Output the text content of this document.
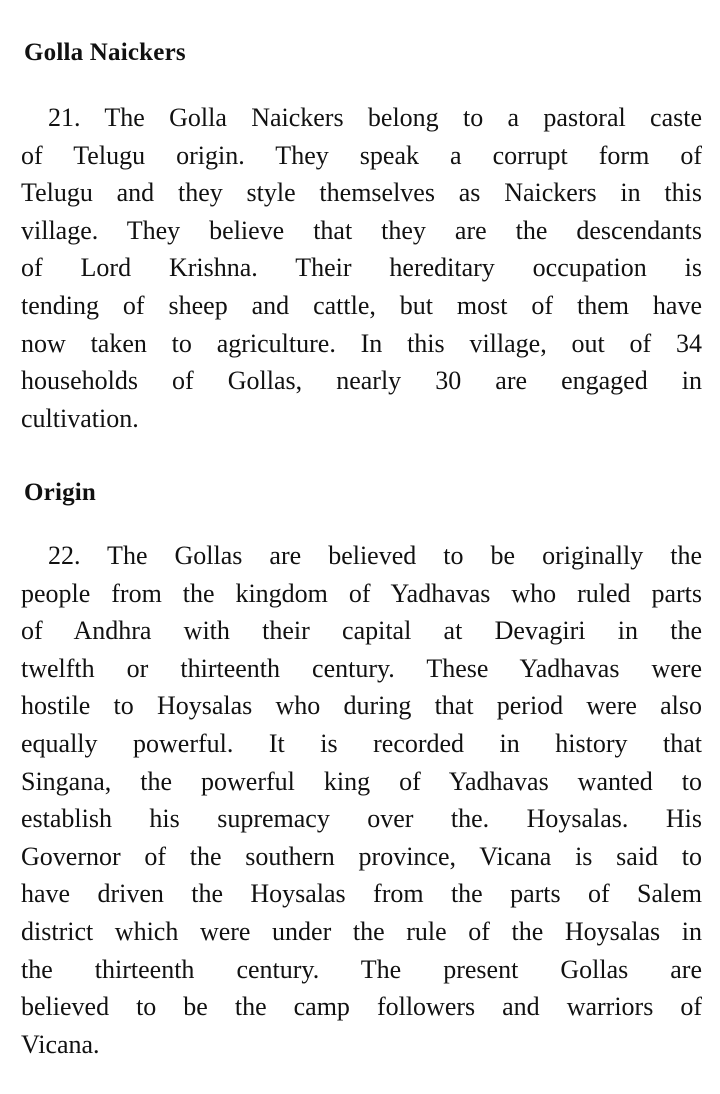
Golla Naickers
21. The Golla Naickers belong to a pastoral caste
of Telugu origin. They speak a corrupt form of
Telugu and they style themselves as Naickers in this
village. They believe that they are the descendants
of Lord Krishna. Their hereditary occupation is
tending of sheep and cattle, but most of them have
now taken to agriculture. In this village, out of 34
households of Gollas, nearly 30 are engaged in
cultivation.
Origin
22. The Gollas are believed to be originally the
people from the kingdom of Yadhavas who ruled parts
of Andhra with their capital at Devagiri in the
twelfth or thirteenth century. These Yadhavas were
hostile to Hoysalas who during that period were also
equally powerful. It is recorded in history that
Singana, the powerful king of Yadhavas wanted to
establish his supremacy over the. Hoysalas. His
Governor of the southern province, Vicana is said to
have driven the Hoysalas from the parts of Salem
district which were under the rule of the Hoysalas in
the thirteenth century. The present Gollas are
believed to be the camp followers and warriors of
Vicana.
